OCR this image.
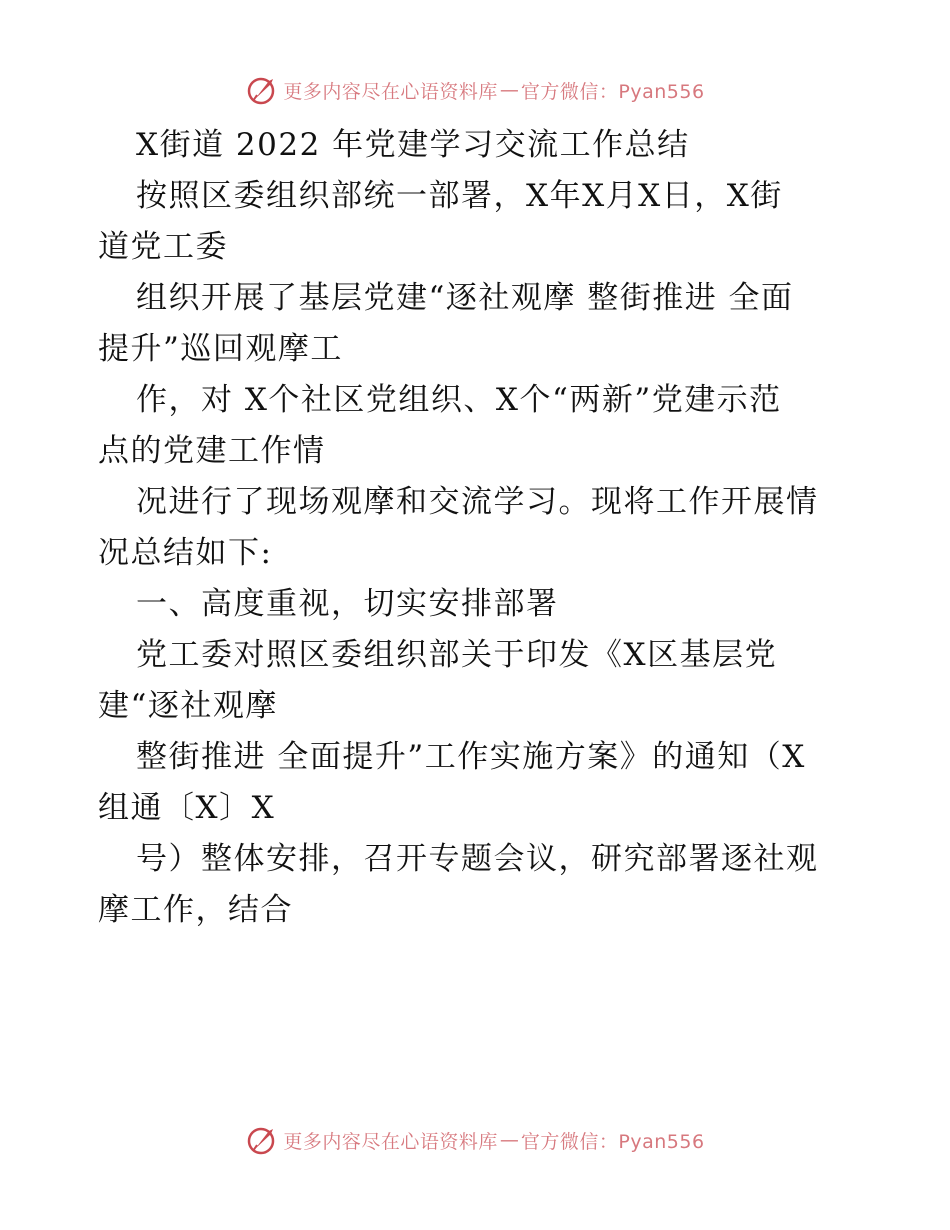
更多内容尽在心语资料库 — 官方微信：Pyan556
X街道 2022 年党建学习交流工作总结
按照区委组织部统一部署，X年X月X日，X街
道党工委
组织开展了基层党建“逐社观摩 整街推进 全面
提升”巡回观摩工
作，对 X个社区党组织、X个“两新”党建示范
点的党建工作情
况进行了现场观摩和交流学习。现将工作开展情
况总结如下:
一、高度重视，切实安排部署
党工委对照区委组织部关于印发《X区基层党
建“逐社观摩
整街推进 全面提升”工作实施方案》的通知（X
组通〔X〕X
号）整体安排，召开专题会议，研究部署逐社观
摩工作，结合
更多内容尽在心语资料库 — 官方微信：Pyan556
